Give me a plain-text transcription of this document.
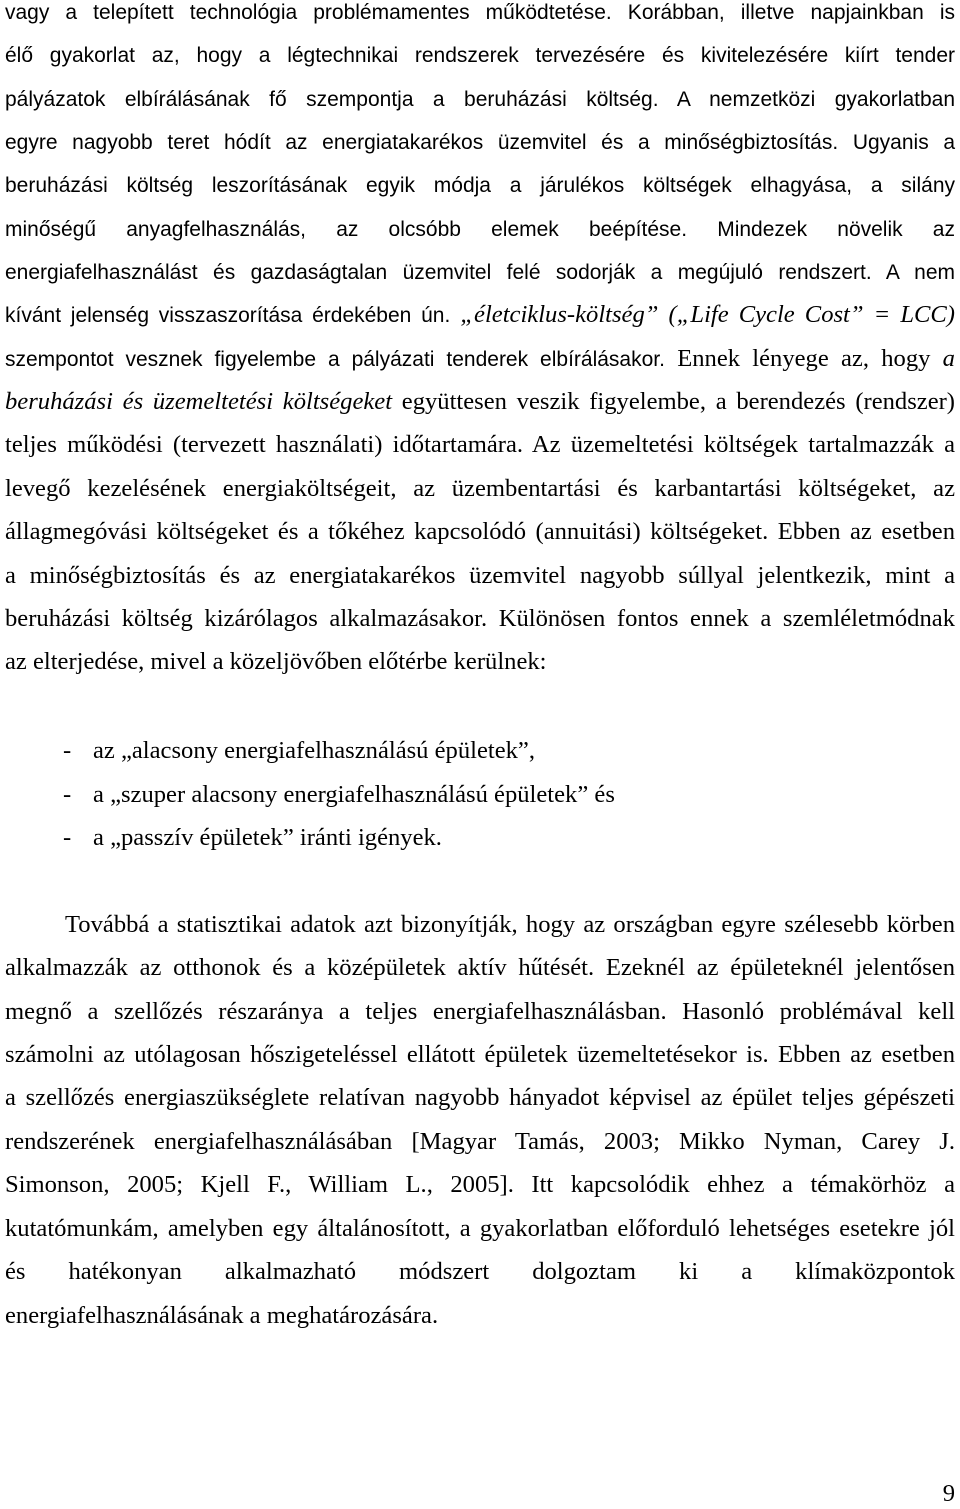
vagy a telepített technológia problémamentes működtetése. Korábban, illetve napjainkban is
élő gyakorlat az, hogy a légtechnikai rendszerek tervezésére és kivitelezésére kiírt tender
pályázatok elbírálásának fő szempontja a beruházási költség. A nemzetközi gyakorlatban
egyre nagyobb teret hódít az energiatakarékos üzemvitel és a minőségbiztosítás. Ugyanis a
beruházási költség leszorításának egyik módja a járulékos költségek elhagyása, a silány
minőségű anyagfelhasználás, az olcsóbb elemek beépítése. Mindezek növelik az
energiafelhasználást és gazdaságtalan üzemvitel felé sodorják a megújuló rendszert. A nem
kívánt jelenség visszaszorítása érdekében ún. „életciklus-költség” („Life Cycle Cost” = LCC)
szempontot vesznek figyelembe a pályázati tenderek elbírálásakor. Ennek lényege az, hogy a
beruházási és üzemeltetési költségeket együttesen veszik figyelembe, a berendezés (rendszer)
teljes működési (tervezett használati) időtartamára. Az üzemeltetési költségek tartalmazzák a
levegő kezelésének energiaköltségeit, az üzembentartási és karbantartási költségeket, az
állagmegóvási költségeket és a tőkéhez kapcsolódó (annuitási) költségeket. Ebben az esetben
a minőségbiztosítás és az energiatakarékos üzemvitel nagyobb súllyal jelentkezik, mint a
beruházási költség kizárólagos alkalmazásakor. Különösen fontos ennek a szemléletmódnak
az elterjedése, mivel a közeljövőben előtérbe kerülnek:
- az „alacsony energiafelhasználású épületek”,
- a „szuper alacsony energiafelhasználású épületek” és
- a „passzív épületek” iránti igények.
Továbbá a statisztikai adatok azt bizonyítják, hogy az országban egyre szélesebb körben
alkalmazzák az otthonok és a középületek aktív hűtését. Ezeknél az épületeknél jelentősen
megnő a szellőzés részaránya a teljes energiafelhasználásban. Hasonló problémával kell
számolni az utólagosan hőszigeteléssel ellátott épületek üzemeltetésekor is. Ebben az esetben
a szellőzés energiaszükséglete relatívan nagyobb hányadot képvisel az épület teljes gépészeti
rendszerének energiafelhasználásában [Magyar Tamás, 2003; Mikko Nyman, Carey J.
Simonson, 2005; Kjell F., William L., 2005]. Itt kapcsolódik ehhez a témakörhöz a
kutatómunkám, amelyben egy általánosított, a gyakorlatban előforduló lehetséges esetekre jól
és hatékonyan alkalmazható módszert dolgoztam ki a klímaközpontok
energiafelhasználásának a meghatározására.
9
